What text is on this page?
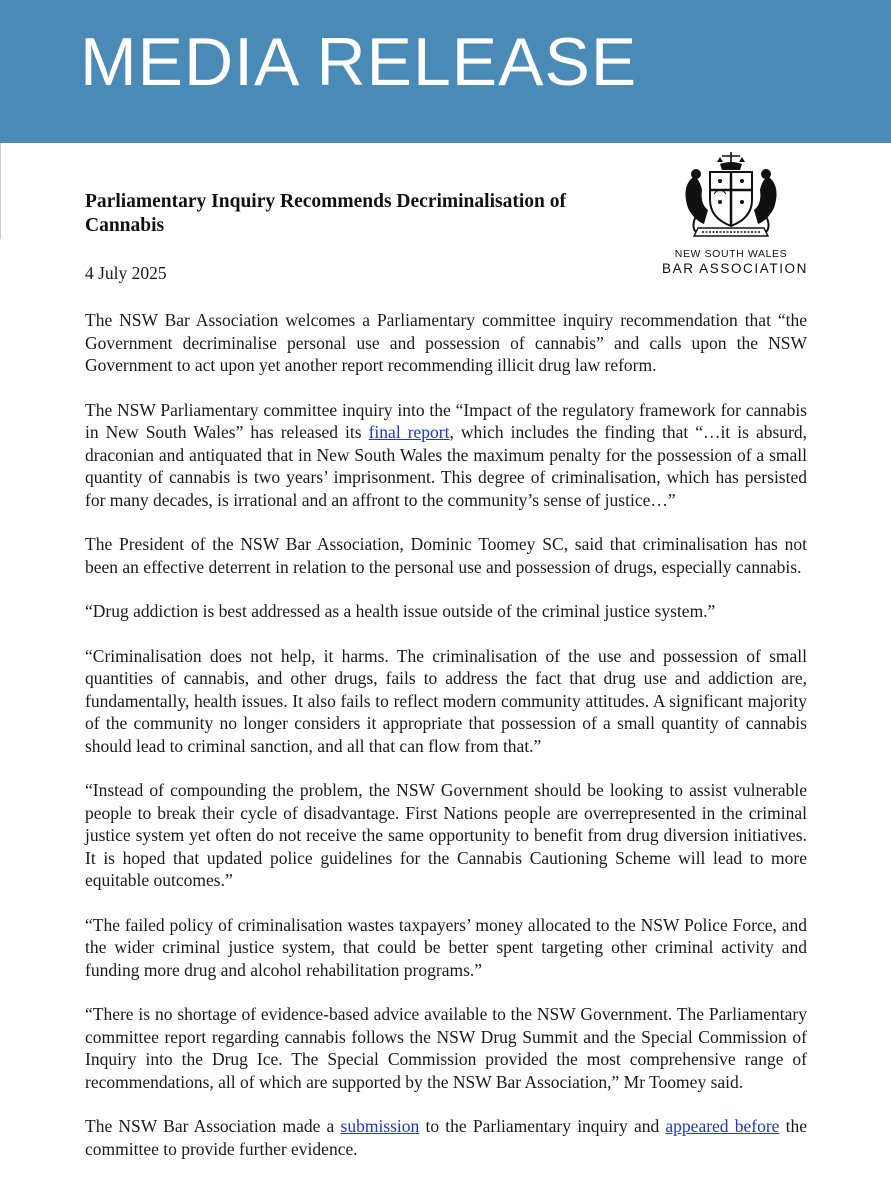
MEDIA RELEASE
NEW SOUTH WALES
BAR ASSOCIATION
Parliamentary Inquiry Recommends Decriminalisation of Cannabis
4 July 2025

The NSW Bar Association welcomes a Parliamentary committee inquiry recommendation that “the Government decriminalise personal use and possession of cannabis” and calls upon the NSW Government to act upon yet another report recommending illicit drug law reform.

The NSW Parliamentary committee inquiry into the “Impact of the regulatory framework for cannabis in New South Wales” has released its final report, which includes the finding that “…it is absurd, draconian and antiquated that in New South Wales the maximum penalty for the possession of a small quantity of cannabis is two years’ imprisonment. This degree of criminalisation, which has persisted for many decades, is irrational and an affront to the community’s sense of justice…”

The President of the NSW Bar Association, Dominic Toomey SC, said that criminalisation has not been an effective deterrent in relation to the personal use and possession of drugs, especially cannabis.

“Drug addiction is best addressed as a health issue outside of the criminal justice system.”

“Criminalisation does not help, it harms. The criminalisation of the use and possession of small quantities of cannabis, and other drugs, fails to address the fact that drug use and addiction are, fundamentally, health issues. It also fails to reflect modern community attitudes. A significant majority of the community no longer considers it appropriate that possession of a small quantity of cannabis should lead to criminal sanction, and all that can flow from that.”

“Instead of compounding the problem, the NSW Government should be looking to assist vulnerable people to break their cycle of disadvantage. First Nations people are overrepresented in the criminal justice system yet often do not receive the same opportunity to benefit from drug diversion initiatives. It is hoped that updated police guidelines for the Cannabis Cautioning Scheme will lead to more equitable outcomes.”

“The failed policy of criminalisation wastes taxpayers’ money allocated to the NSW Police Force, and the wider criminal justice system, that could be better spent targeting other criminal activity and funding more drug and alcohol rehabilitation programs.”

“There is no shortage of evidence-based advice available to the NSW Government. The Parliamentary committee report regarding cannabis follows the NSW Drug Summit and the Special Commission of Inquiry into the Drug Ice. The Special Commission provided the most comprehensive range of recommendations, all of which are supported by the NSW Bar Association,” Mr Toomey said.

The NSW Bar Association made a submission to the Parliamentary inquiry and appeared before the committee to provide further evidence.
